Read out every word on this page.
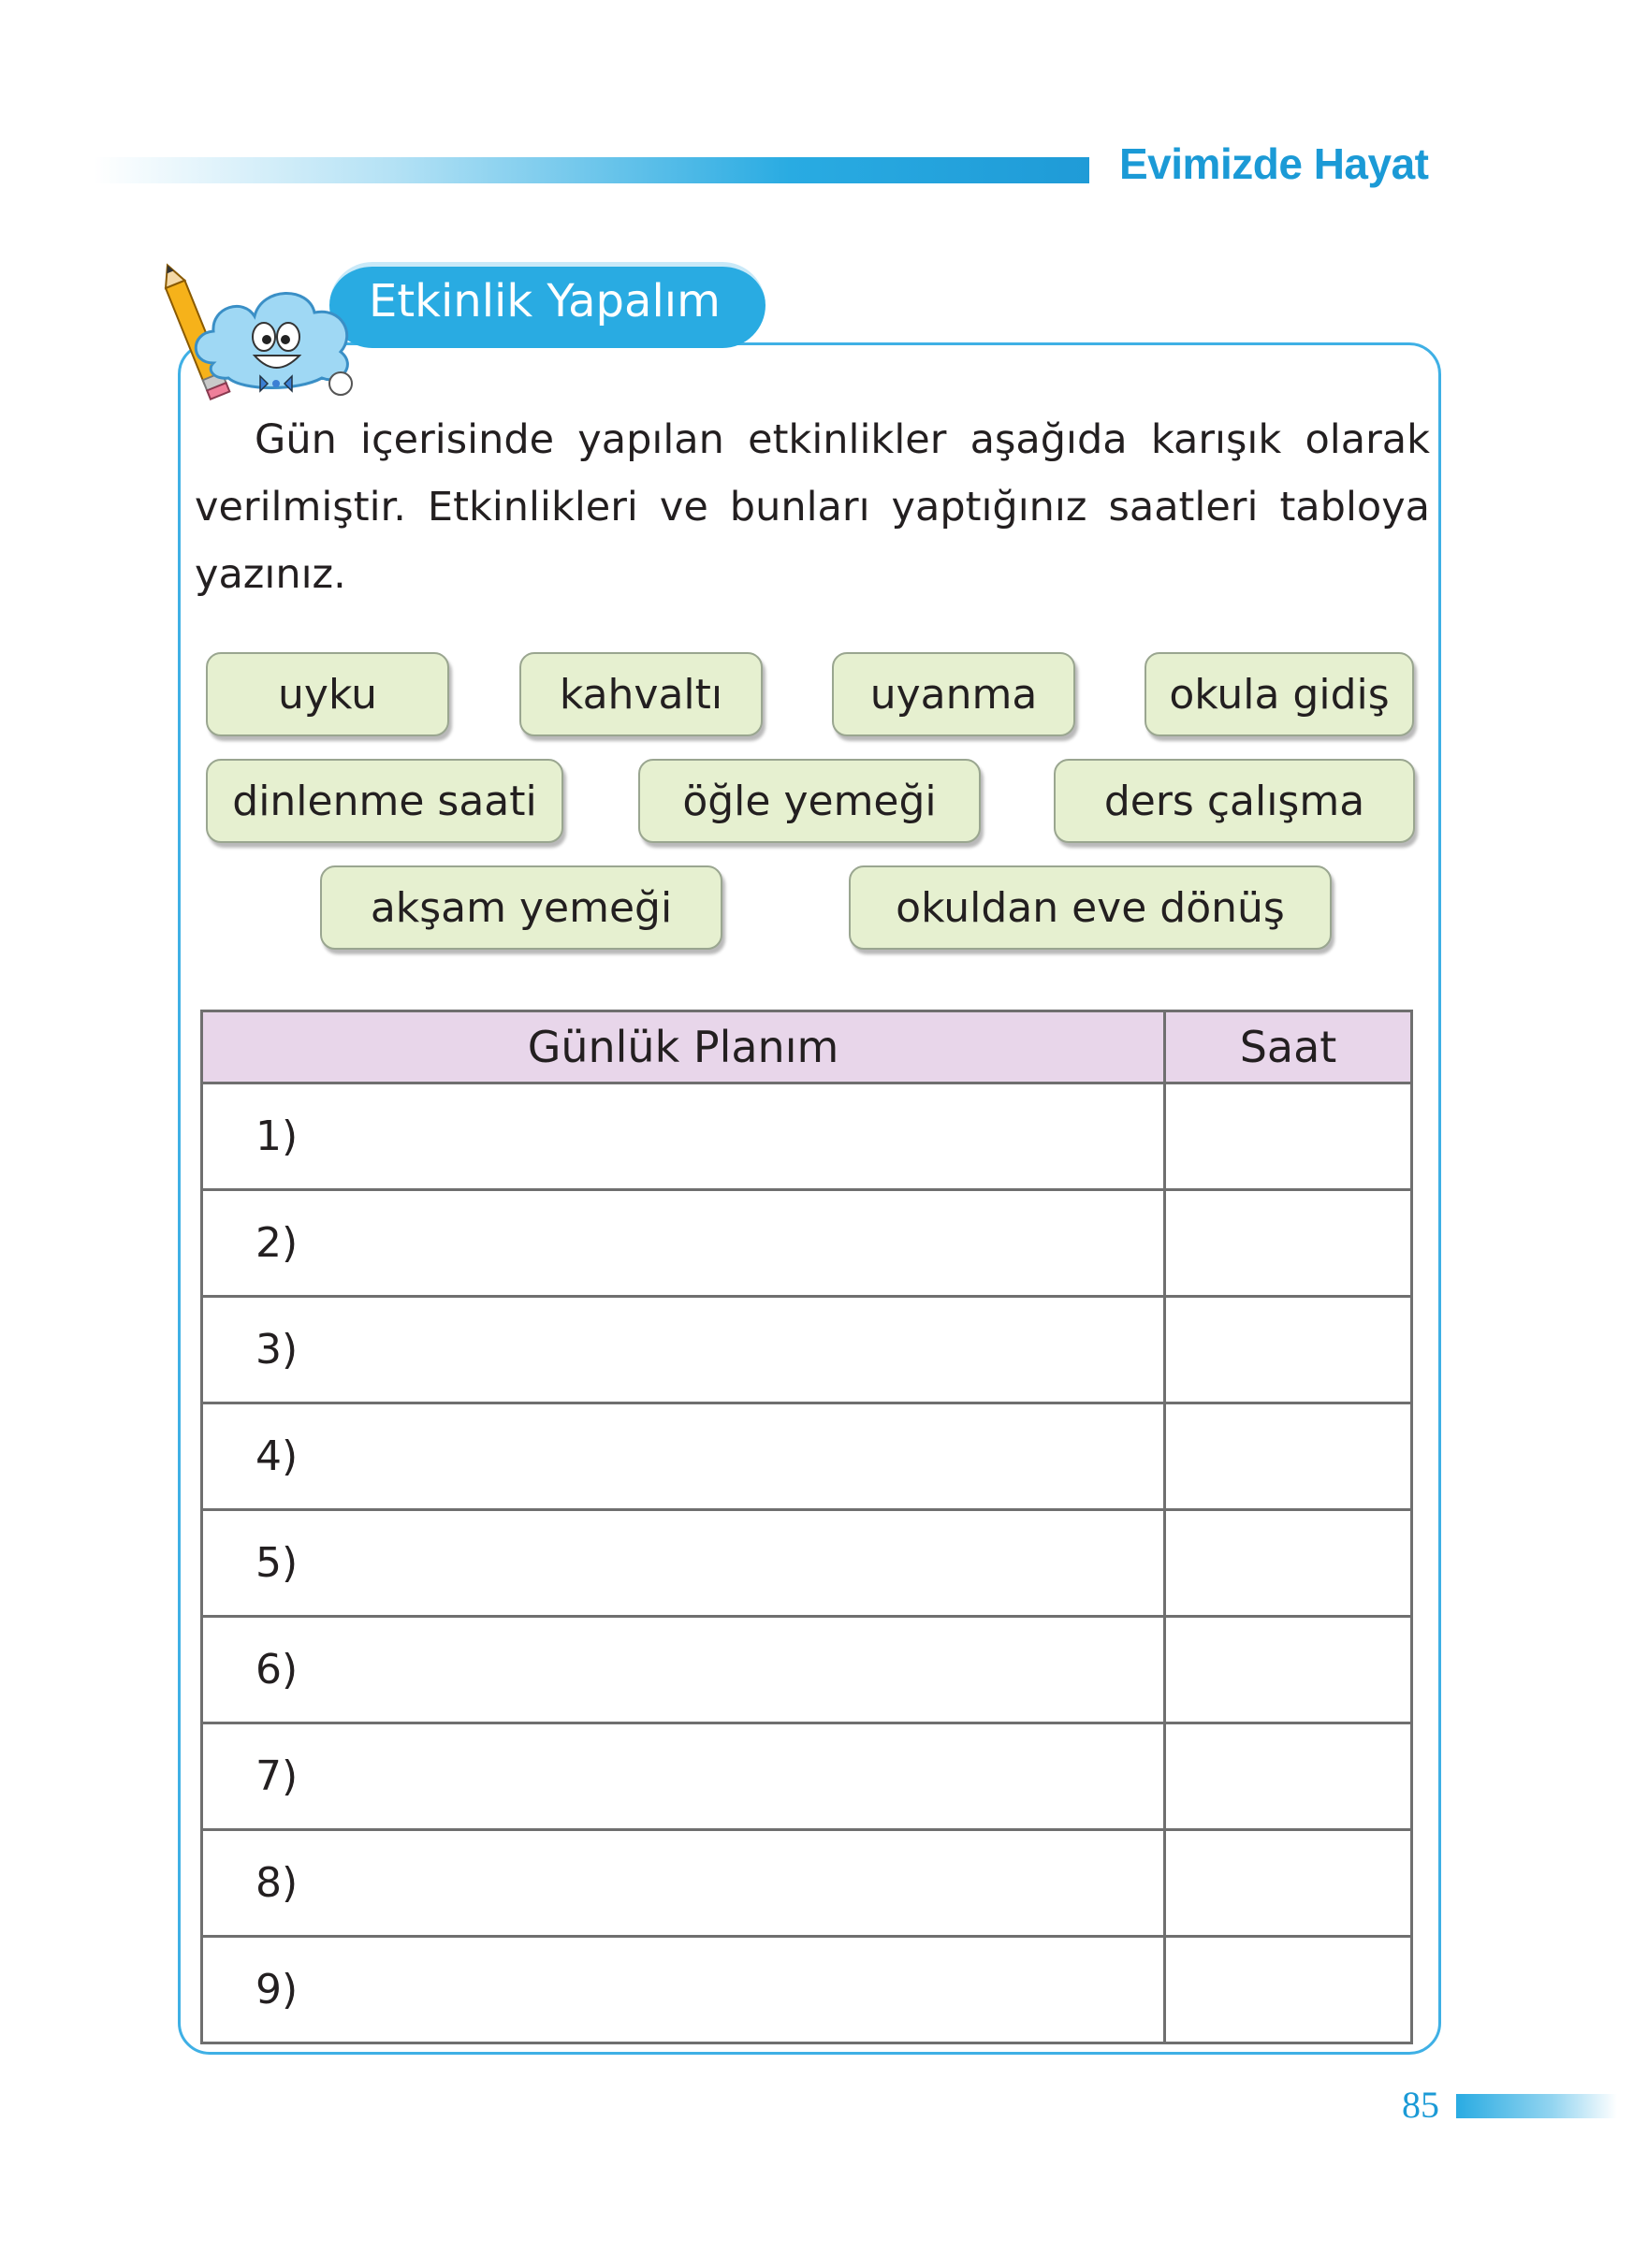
Evimizde Hayat
Etkinlik Yapalım
Gün içerisinde yapılan etkinlikler aşağıda karışık olarak verilmiştir. Etkinlikleri ve bunları yaptığınız saatleri tabloya yazınız.
uyku	kahvaltı	uyanma	okula gidiş
dinlenme saati	öğle yemeği	ders çalışma
akşam yemeği	okuldan eve dönüş
Günlük Planım	Saat
1)	
2)	
3)	
4)	
5)	
6)	
7)	
8)	
9)	
85
